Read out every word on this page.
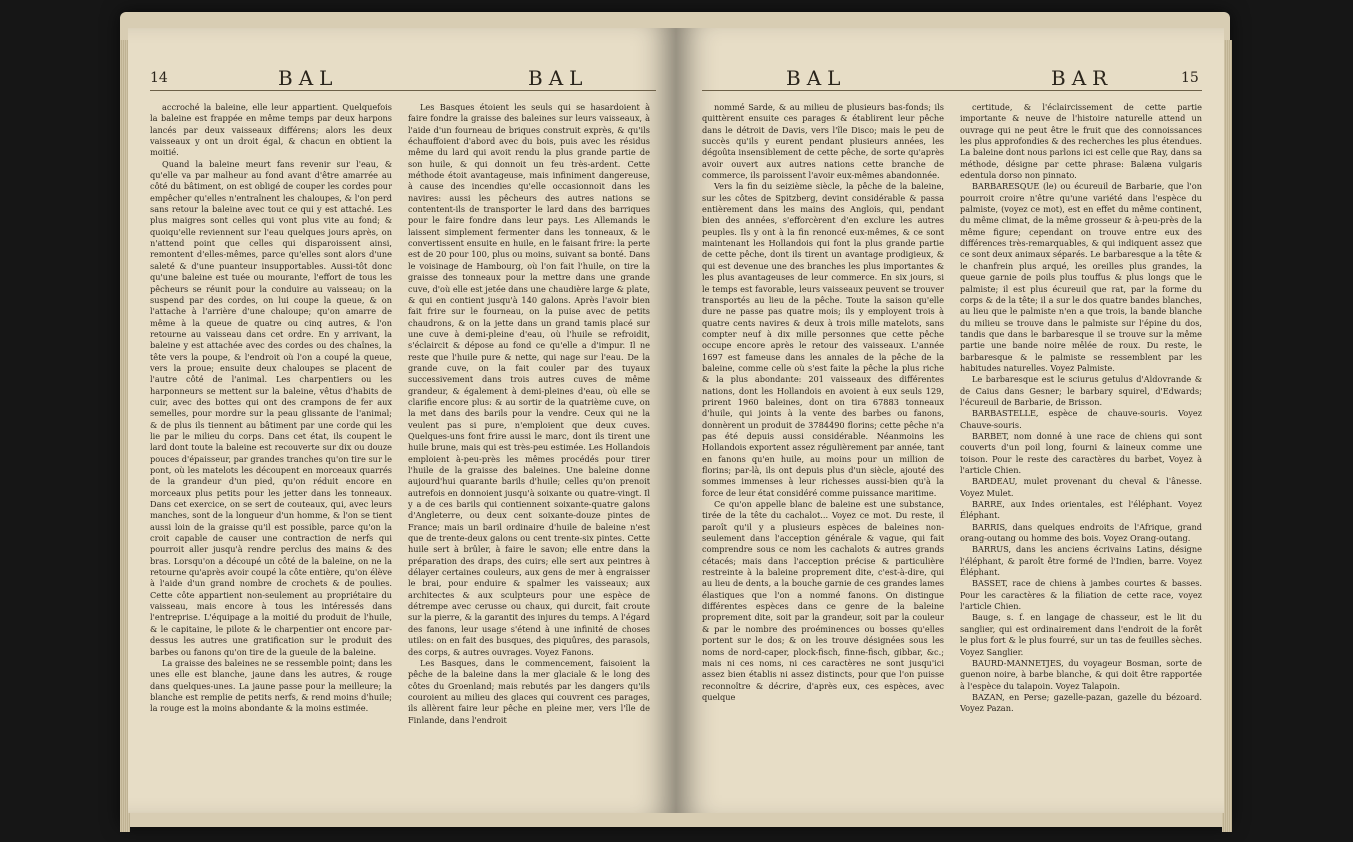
14	BAL	BAL

accroché la baleine, elle leur appartient. Quelquefois la baleine est frappée en même temps par deux harpons lancés par deux vaisseaux différens; alors les deux vaisseaux y ont un droit égal, & chacun en obtient la moitié.

Quand la baleine meurt fans revenir sur l'eau, & qu'elle va par malheur au fond avant d'être amarrée au côté du bâtiment, on est obligé de couper les cordes pour empêcher qu'elles n'entraînent les chaloupes, & l'on perd sans retour la baleine avec tout ce qui y est attaché. Les plus maigres sont celles qui vont plus vite au fond; & quoiqu'elle reviennent sur l'eau quelques jours après, on n'attend point que celles qui disparoissent ainsi, remontent d'elles-mêmes, parce qu'elles sont alors d'une saleté & d'une puanteur insupportables. Aussi-tôt donc qu'une baleine est tuée ou mourante, l'effort de tous les pêcheurs se réunit pour la conduire au vaisseau; on la suspend par des cordes, on lui coupe la queue, & on l'attache à l'arrière d'une chaloupe; qu'on amarre de même à la queue de quatre ou cinq autres, & l'on retourne au vaisseau dans cet ordre. En y arrivant, la baleine y est attachée avec des cordes ou des chaînes, la tête vers la poupe, & l'endroit où l'on a coupé la queue, vers la proue; ensuite deux chaloupes se placent de l'autre côté de l'animal. Les charpentiers ou les harponneurs se mettent sur la baleine, vêtus d'habits de cuir, avec des bottes qui ont des crampons de fer aux semelles, pour mordre sur la peau glissante de l'animal; & de plus ils tiennent au bâtiment par une corde qui les lie par le milieu du corps. Dans cet état, ils coupent le lard dont toute la baleine est recouverte sur dix ou douze pouces d'épaisseur, par grandes tranches qu'on tire sur le pont, où les matelots les découpent en morceaux quarrés de la grandeur d'un pied, qu'on réduit encore en morceaux plus petits pour les jetter dans les tonneaux. Dans cet exercice, on se sert de couteaux, qui, avec leurs manches, sont de la longueur d'un homme, & l'on se tient aussi loin de la graisse qu'il est possible, parce qu'on la croit capable de causer une contraction de nerfs qui pourroit aller jusqu'à rendre perclus des mains & des bras. Lorsqu'on a découpé un côté de la baleine, on ne la retourne qu'après avoir coupé la côte entière, qu'on élève à l'aide d'un grand nombre de crochets & de poulies. Cette côte appartient non-seulement au propriétaire du vaisseau, mais encore à tous les intéressés dans l'entreprise. L'équipage a la moitié du produit de l'huile, & le capitaine, le pilote & le charpentier ont encore par-dessus les autres une gratification sur le produit des barbes ou fanons qu'on tire de la gueule de la baleine.

La graisse des baleines ne se ressemble point; dans les unes elle est blanche, jaune dans les autres, & rouge dans quelques-unes. La jaune passe pour la meilleure; la blanche est remplie de petits nerfs, & rend moins d'huile; la rouge est la moins abondante & la moins estimée.

Les Basques étoient les seuls qui se hasardoient à faire fondre la graisse des baleines sur leurs vaisseaux, à l'aide d'un fourneau de briques construit exprès, & qu'ils échauffoient d'abord avec du bois, puis avec les résidus même du lard qui avoit rendu la plus grande partie de son huile, & qui donnoit un feu très-ardent. Cette méthode étoit avantageuse, mais infiniment dangereuse, à cause des incendies qu'elle occasionnoit dans les navires: aussi les pêcheurs des autres nations se contentent-ils de transporter le lard dans des barriques pour le faire fondre dans leur pays. Les Allemands le laissent simplement fermenter dans les tonneaux, & le convertissent ensuite en huile, en le faisant frire: la perte est de 20 pour 100, plus ou moins, suivant sa bonté. Dans le voisinage de Hambourg, où l'on fait l'huile, on tire la graisse des tonneaux pour la mettre dans une grande cuve, d'où elle est jetée dans une chaudière large & plate, & qui en contient jusqu'à 140 galons. Après l'avoir bien fait frire sur le fourneau, on la puise avec de petits chaudrons, & on la jette dans un grand tamis placé sur une cuve à demi-pleine d'eau, où l'huile se refroidit, s'éclaircit & dépose au fond ce qu'elle a d'impur. Il ne reste que l'huile pure & nette, qui nage sur l'eau. De la grande cuve, on la fait couler par des tuyaux successivement dans trois autres cuves de même grandeur, & également à demi-pleines d'eau, où elle se clarifie encore plus: & au sortir de la quatrième cuve, on la met dans des barils pour la vendre. Ceux qui ne la veulent pas si pure, n'emploient que deux cuves. Quelques-uns font frire aussi le marc, dont ils tirent une huile brune, mais qui est très-peu estimée. Les Hollandois emploient à-peu-près les mêmes procédés pour tirer l'huile de la graisse des baleines. Une baleine donne aujourd'hui quarante barils d'huile; celles qu'on prenoit autrefois en donnoient jusqu'à soixante ou quatre-vingt. Il y a de ces barils qui contiennent soixante-quatre galons d'Angleterre, ou deux cent soixante-douze pintes de France; mais un baril ordinaire d'huile de baleine n'est que de trente-deux galons ou cent trente-six pintes. Cette huile sert à brûler, à faire le savon; elle entre dans la préparation des draps, des cuirs; elle sert aux peintres à délayer certaines couleurs, aux gens de mer à engraisser le brai, pour enduire & spalmer les vaisseaux; aux architectes & aux sculpteurs pour une espèce de détrempe avec cerusse ou chaux, qui durcit, fait croute sur la pierre, & la garantit des injures du temps. A l'égard des fanons, leur usage s'étend à une infinité de choses utiles: on en fait des busques, des piquûres, des parasols, des corps, & autres ouvrages. Voyez Fanons.

Les Basques, dans le commencement, faisoient la pêche de la baleine dans la mer glaciale & le long des côtes du Groenland; mais rebutés par les dangers qu'ils couroient au milieu des glaces qui couvrent ces parages, ils allèrent faire leur pêche en pleine mer, vers l'île de Finlande, dans l'endroit

BAL	BAR	15

nommé Sarde, & au milieu de plusieurs bas-fonds; ils quittèrent ensuite ces parages & établirent leur pêche dans le détroit de Davis, vers l'île Disco; mais le peu de succès qu'ils y eurent pendant plusieurs années, les dégoûta insensiblement de cette pêche, de sorte qu'après avoir ouvert aux autres nations cette branche de commerce, ils paroissent l'avoir eux-mêmes abandonnée.

Vers la fin du seizième siècle, la pêche de la baleine, sur les côtes de Spitzberg, devint considérable & passa entièrement dans les mains des Anglois, qui, pendant bien des années, s'efforcèrent d'en exclure les autres peuples. Ils y ont à la fin renoncé eux-mêmes, & ce sont maintenant les Hollandois qui font la plus grande partie de cette pêche, dont ils tirent un avantage prodigieux, & qui est devenue une des branches les plus importantes & les plus avantageuses de leur commerce. En six jours, si le temps est favorable, leurs vaisseaux peuvent se trouver transportés au lieu de la pêche. Toute la saison qu'elle dure ne passe pas quatre mois; ils y employent trois à quatre cents navires & deux à trois mille matelots, sans compter neuf à dix mille personnes que cette pêche occupe encore après le retour des vaisseaux. L'année 1697 est fameuse dans les annales de la pêche de la baleine, comme celle où s'est faite la pêche la plus riche & la plus abondante: 201 vaisseaux des différentes nations, dont les Hollandois en avoient à eux seuls 129, prirent 1960 baleines, dont on tira 67883 tonneaux d'huile, qui joints à la vente des barbes ou fanons, donnèrent un produit de 3784490 florins; cette pêche n'a pas été depuis aussi considérable. Néanmoins les Hollandois exportent assez régulièrement par année, tant en fanons qu'en huile, au moins pour un million de florins; par-là, ils ont depuis plus d'un siècle, ajouté des sommes immenses à leur richesses aussi-bien qu'à la force de leur état considéré comme puissance maritime.

Ce qu'on appelle blanc de baleine est une substance, tirée de la tête du cachalot... Voyez ce mot. Du reste, il paroît qu'il y a plusieurs espèces de baleines non-seulement dans l'acception générale & vague, qui fait comprendre sous ce nom les cachalots & autres grands cétacés; mais dans l'acception précise & particulière restreinte à la baleine proprement dite, c'est-à-dire, qui au lieu de dents, a la bouche garnie de ces grandes lames élastiques que l'on a nommé fanons. On distingue différentes espèces dans ce genre de la baleine proprement dite, soit par la grandeur, soit par la couleur & par le nombre des proéminences ou bosses qu'elles portent sur le dos; & on les trouve désignées sous les noms de nord-caper, plock-fisch, finne-fisch, gibbar, &c.; mais ni ces noms, ni ces caractères ne sont jusqu'ici assez bien établis ni assez distincts, pour que l'on puisse reconnoître & décrire, d'après eux, ces espèces, avec quelque

certitude, & l'éclaircissement de cette partie importante & neuve de l'histoire naturelle attend un ouvrage qui ne peut être le fruit que des connoissances les plus approfondies & des recherches les plus étendues. La baleine dont nous parlons ici est celle que Ray, dans sa méthode, désigne par cette phrase: Balæna vulgaris edentula dorso non pinnato.

BARBARESQUE (le) ou écureuil de Barbarie, que l'on pourroit croire n'être qu'une variété dans l'espèce du palmiste, (voyez ce mot), est en effet du même continent, du même climat, de la même grosseur & à-peu-près de la même figure; cependant on trouve entre eux des différences très-remarquables, & qui indiquent assez que ce sont deux animaux séparés. Le barbaresque a la tête & le chanfrein plus arqué, les oreilles plus grandes, la queue garnie de poils plus touffus & plus longs que le palmiste; il est plus écureuil que rat, par la forme du corps & de la tête; il a sur le dos quatre bandes blanches, au lieu que le palmiste n'en a que trois, la bande blanche du milieu se trouve dans le palmiste sur l'épine du dos, tandis que dans le barbaresque il se trouve sur la même partie une bande noire mêlée de roux. Du reste, le barbaresque & le palmiste se ressemblent par les habitudes naturelles. Voyez Palmiste.

Le barbaresque est le sciurus getulus d'Aldovrande & de Caius dans Gesner; le barbary squirel, d'Edwards; l'écureuil de Barbarie, de Brisson.

BARBASTELLE, espèce de chauve-souris. Voyez Chauve-souris.

BARBET, nom donné à une race de chiens qui sont couverts d'un poil long, fourni & laineux comme une toison. Pour le reste des caractères du barbet, Voyez à l'article Chien.

BARDEAU, mulet provenant du cheval & l'ânesse. Voyez Mulet.

BARRE, aux Indes orientales, est l'éléphant. Voyez Éléphant.

BARRIS, dans quelques endroits de l'Afrique, grand orang-outang ou homme des bois. Voyez Orang-outang.

BARRUS, dans les anciens écrivains Latins, désigne l'éléphant, & paroît être formé de l'Indien, barre. Voyez Éléphant.

BASSET, race de chiens à jambes courtes & basses. Pour les caractères & la filiation de cette race, voyez l'article Chien.

Bauge, s. f. en langage de chasseur, est le lit du sanglier, qui est ordinairement dans l'endroit de la forêt le plus fort & le plus fourré, sur un tas de feuilles sèches. Voyez Sanglier.

BAURD-MANNETJES, du voyageur Bosman, sorte de guenon noire, à barbe blanche, & qui doit être rapportée à l'espèce du talapoin. Voyez Talapoin.

BAZAN, en Perse; gazelle-pazan, gazelle du bézoard. Voyez Pazan.
